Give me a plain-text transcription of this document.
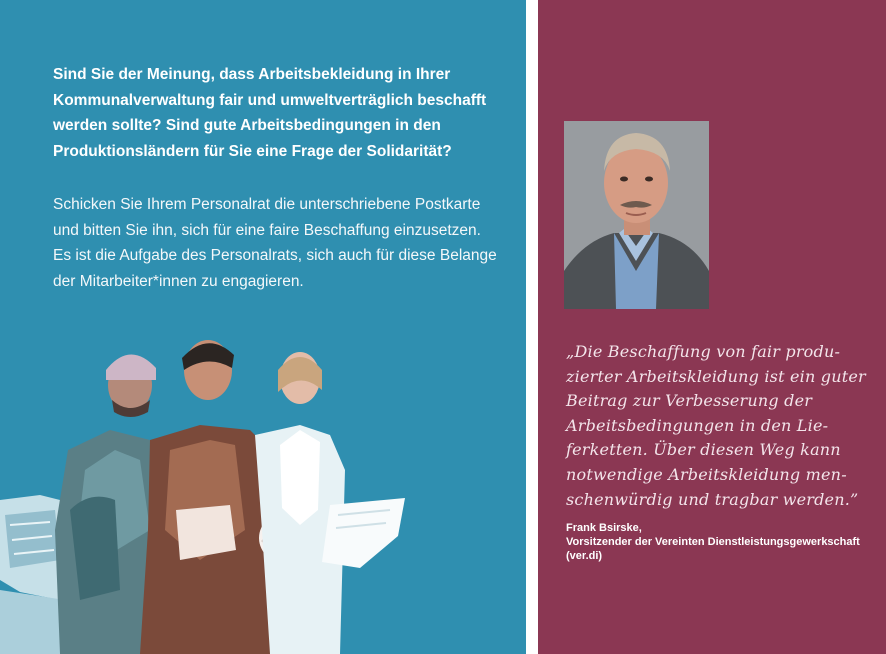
Sind Sie der Meinung, dass Arbeitsbekleidung in Ihrer Kommunalverwaltung fair und umweltverträglich beschafft werden sollte? Sind gute Arbeitsbedingungen in den Produktionsländern für Sie eine Frage der Solidarität?

Schicken Sie Ihrem Personalrat die unterschriebene Postkarte und bitten Sie ihn, sich für eine faire Beschaffung einzusetzen. Es ist die Aufgabe des Personalrats, sich auch für diese Belange der Mitarbeiter*innen zu engagieren.

„Die Beschaffung von fair produzierter Arbeitskleidung ist ein guter Beitrag zur Verbesserung der Arbeitsbedingungen in den Lieferketten. Über diesen Weg kann notwendige Arbeitskleidung menschenwürdig und tragbar werden.”

Frank Bsirske,

Vorsitzender der Vereinten Dienstleistungsgewerkschaft (ver.di)
